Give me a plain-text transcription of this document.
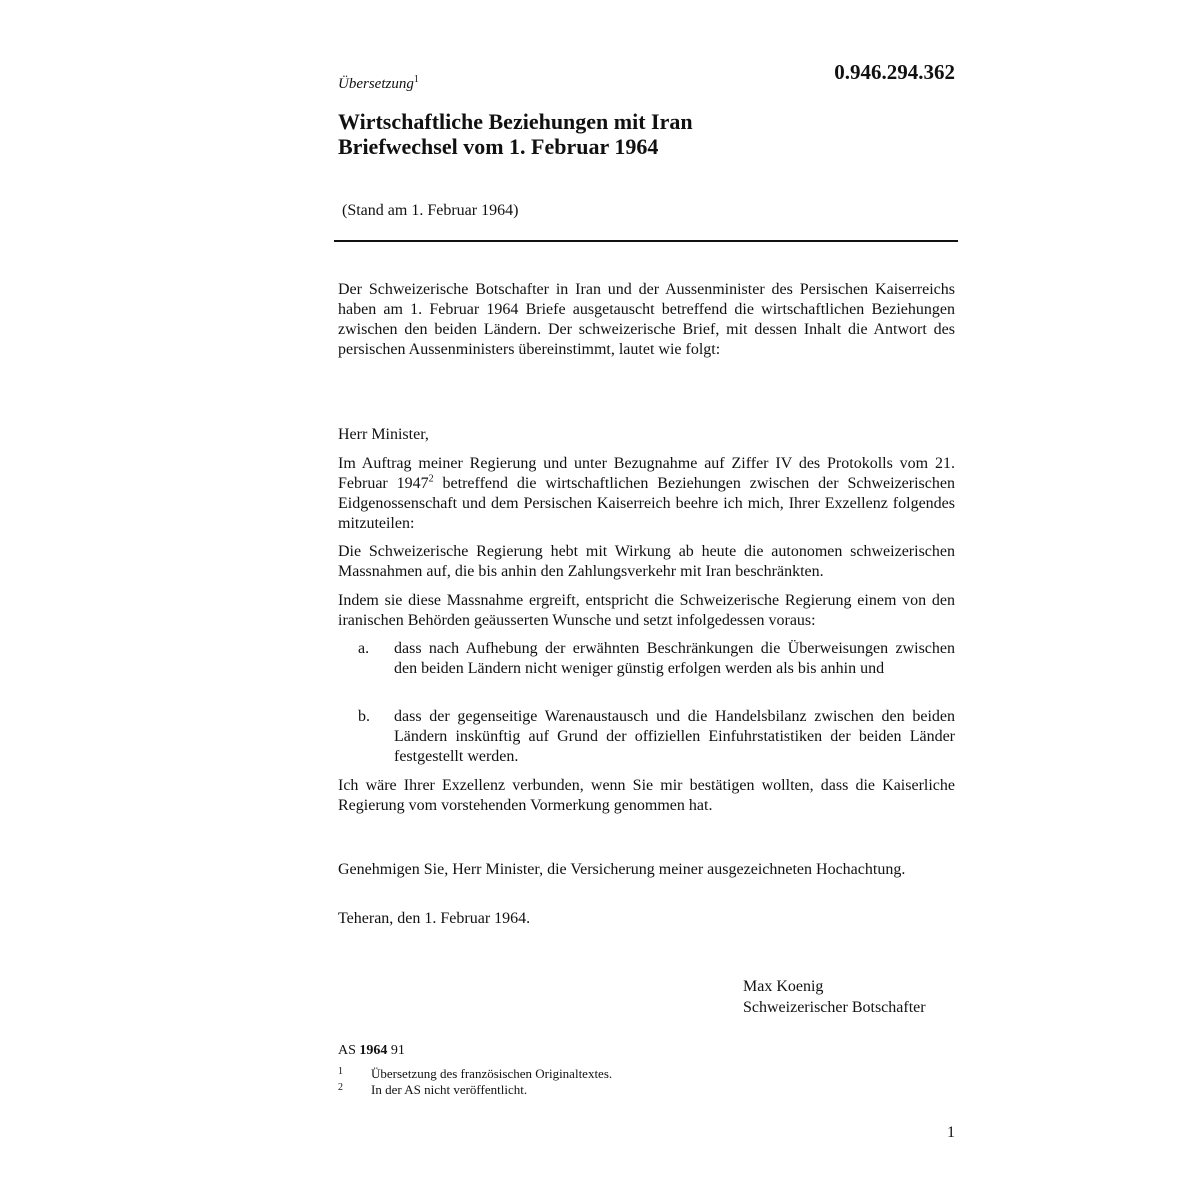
0.946.294.362
Übersetzung$^1$
Wirtschaftliche Beziehungen mit Iran
Briefwechsel vom 1. Februar 1964
(Stand am 1. Februar 1964)

Der Schweizerische Botschafter in Iran und der Aussenminister des Persischen Kaiserreichs haben am 1. Februar 1964 Briefe ausgetauscht betreffend die wirtschaftlichen Beziehungen zwischen den beiden Ländern. Der schweizerische Brief, mit dessen Inhalt die Antwort des persischen Aussenministers übereinstimmt, lautet wie folgt:

Herr Minister,

Im Auftrag meiner Regierung und unter Bezugnahme auf Ziffer IV des Protokolls vom 21. Februar 1947$^2$ betreffend die wirtschaftlichen Beziehungen zwischen der Schweizerischen Eidgenossenschaft und dem Persischen Kaiserreich beehre ich mich, Ihrer Exzellenz folgendes mitzuteilen:

Die Schweizerische Regierung hebt mit Wirkung ab heute die autonomen schweizerischen Massnahmen auf, die bis anhin den Zahlungsverkehr mit Iran beschränkten.

Indem sie diese Massnahme ergreift, entspricht die Schweizerische Regierung einem von den iranischen Behörden geäusserten Wunsche und setzt infolgedessen voraus:

a. dass nach Aufhebung der erwähnten Beschränkungen die Überweisungen zwischen den beiden Ländern nicht weniger günstig erfolgen werden als bis anhin und
b. dass der gegenseitige Warenaustausch und die Handelsbilanz zwischen den beiden Ländern inskünftig auf Grund der offiziellen Einfuhrstatistiken der beiden Länder festgestellt werden.

Ich wäre Ihrer Exzellenz verbunden, wenn Sie mir bestätigen wollten, dass die Kaiserliche Regierung vom vorstehenden Vormerkung genommen hat.

Genehmigen Sie, Herr Minister, die Versicherung meiner ausgezeichneten Hochachtung.

Teheran, den 1. Februar 1964.

Max Koenig
Schweizerischer Botschafter
AS 1964 91
1 Übersetzung des französischen Originaltextes.
2 In der AS nicht veröffentlicht.
1
